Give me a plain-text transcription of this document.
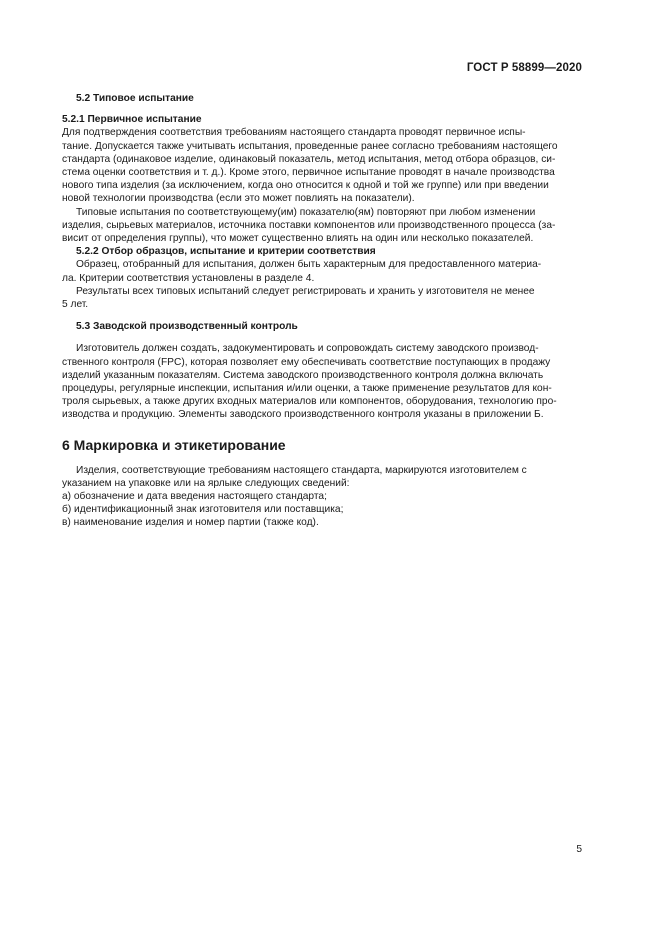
ГОСТ Р 58899—2020
5.2 Типовое испытание
5.2.1 Первичное испытание
Для подтверждения соответствия требованиям настоящего стандарта проводят первичное испы-
тание. Допускается также учитывать испытания, проведенные ранее согласно требованиям настоящего
стандарта (одинаковое изделие, одинаковый показатель, метод испытания, метод отбора образцов, си-
стема оценки соответствия и т. д.). Кроме этого, первичное испытание проводят в начале производства
нового типа изделия (за исключением, когда оно относится к одной и той же группе) или при введении
новой технологии производства (если это может повлиять на показатели).
Типовые испытания по соответствующему(им) показателю(ям) повторяют при любом изменении
изделия, сырьевых материалов, источника поставки компонентов или производственного процесса (за-
висит от определения группы), что может существенно влиять на один или несколько показателей.
5.2.2 Отбор образцов, испытание и критерии соответствия
Образец, отобранный для испытания, должен быть характерным для предоставленного материа-
ла. Критерии соответствия установлены в разделе 4.
Результаты всех типовых испытаний следует регистрировать и хранить у изготовителя не менее
5 лет.
5.3 Заводской производственный контроль
Изготовитель должен создать, задокументировать и сопровождать систему заводского производ-
ственного контроля (FPC), которая позволяет ему обеспечивать соответствие поступающих в продажу
изделий указанным показателям. Система заводского производственного контроля должна включать
процедуры, регулярные инспекции, испытания и/или оценки, а также применение результатов для кон-
троля сырьевых, а также других входных материалов или компонентов, оборудования, технологию про-
изводства и продукцию. Элементы заводского производственного контроля указаны в приложении Б.
6 Маркировка и этикетирование
Изделия, соответствующие требованиям настоящего стандарта, маркируются изготовителем с
указанием на упаковке или на ярлыке следующих сведений:
а) обозначение и дата введения настоящего стандарта;
б) идентификационный знак изготовителя или поставщика;
в) наименование изделия и номер партии (также код).
5
